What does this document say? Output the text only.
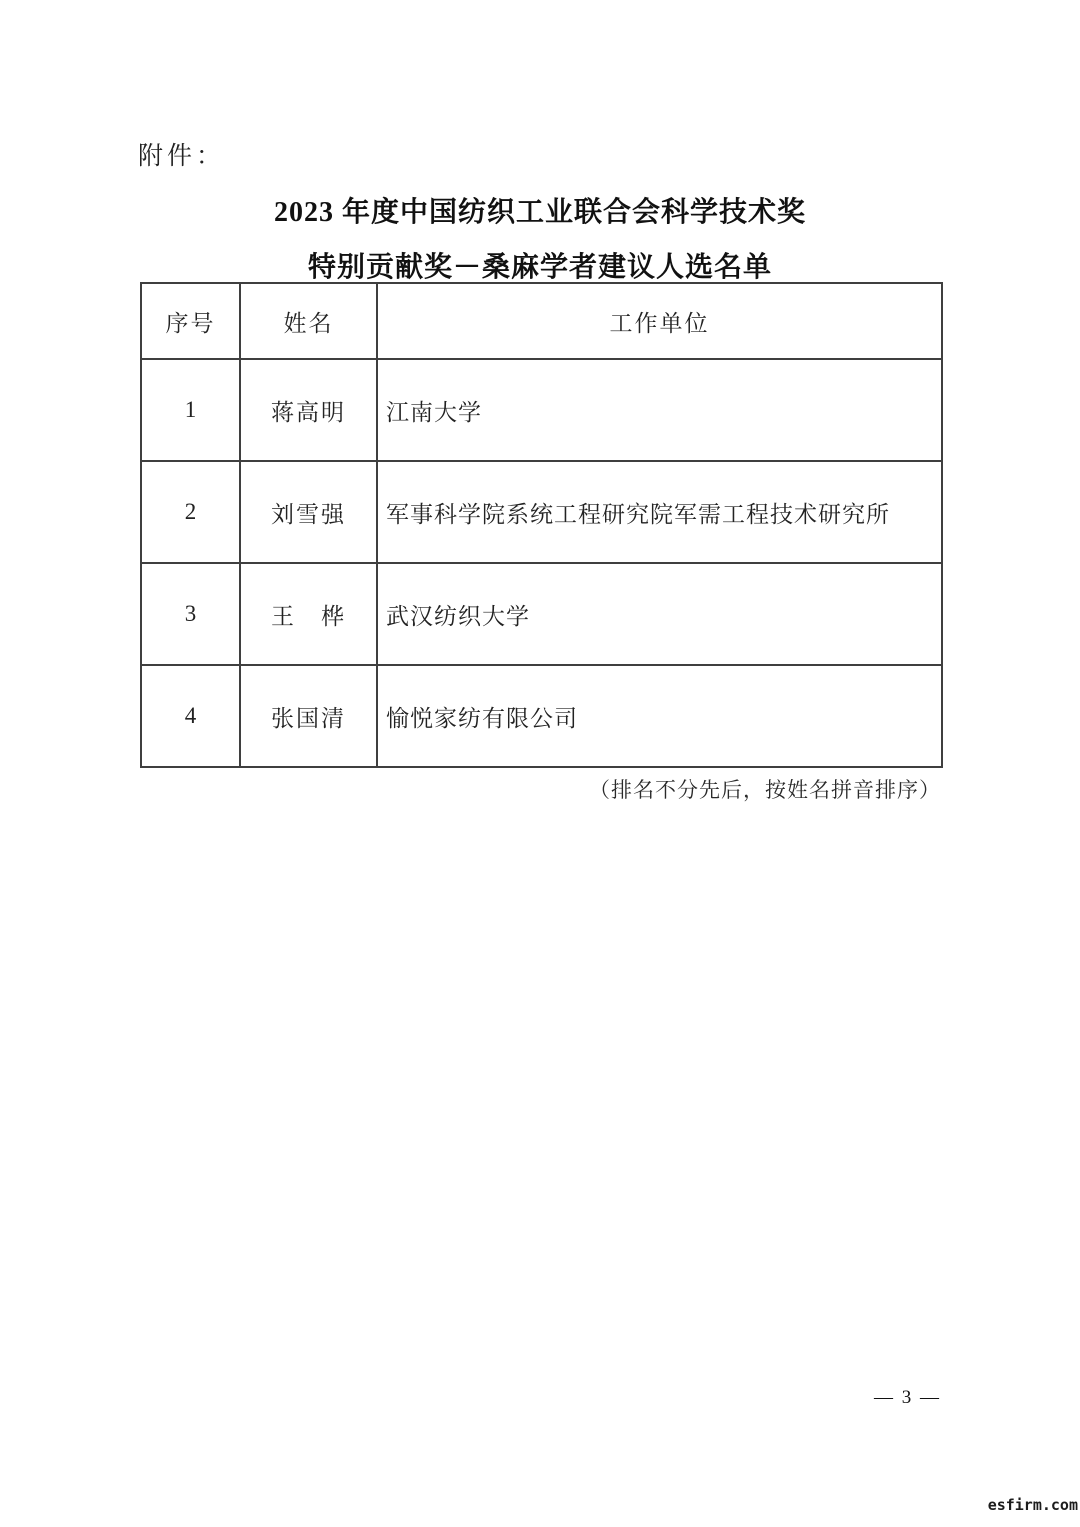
附件：
2023 年度中国纺织工业联合会科学技术奖
特别贡献奖－桑麻学者建议人选名单
序号	姓名	工作单位
1	蒋高明	江南大学
2	刘雪强	军事科学院系统工程研究院军需工程技术研究所
3	王　桦	武汉纺织大学
4	张国清	愉悦家纺有限公司
（排名不分先后，按姓名拼音排序）
— 3 —
esfirm.com
